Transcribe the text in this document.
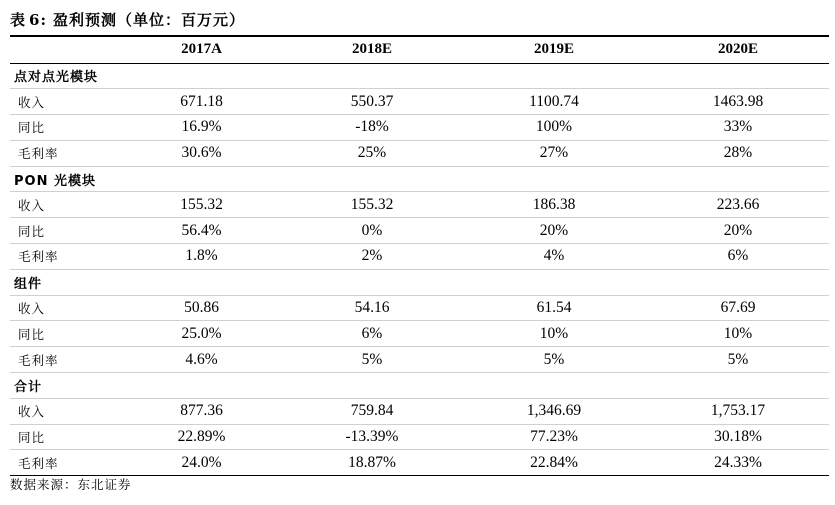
表 6: 盈利预测（单位：百万元）
	2017A	2018E	2019E	2020E
点对点光模块				
收入	671.18	550.37	1100.74	1463.98
同比	16.9%	-18%	100%	33%
毛利率	30.6%	25%	27%	28%
PON 光模块				
收入	155.32	155.32	186.38	223.66
同比	56.4%	0%	20%	20%
毛利率	1.8%	2%	4%	6%
组件				
收入	50.86	54.16	61.54	67.69
同比	25.0%	6%	10%	10%
毛利率	4.6%	5%	5%	5%
合计				
收入	877.36	759.84	1,346.69	1,753.17
同比	22.89%	-13.39%	77.23%	30.18%
毛利率	24.0%	18.87%	22.84%	24.33%
数据来源：东北证券
